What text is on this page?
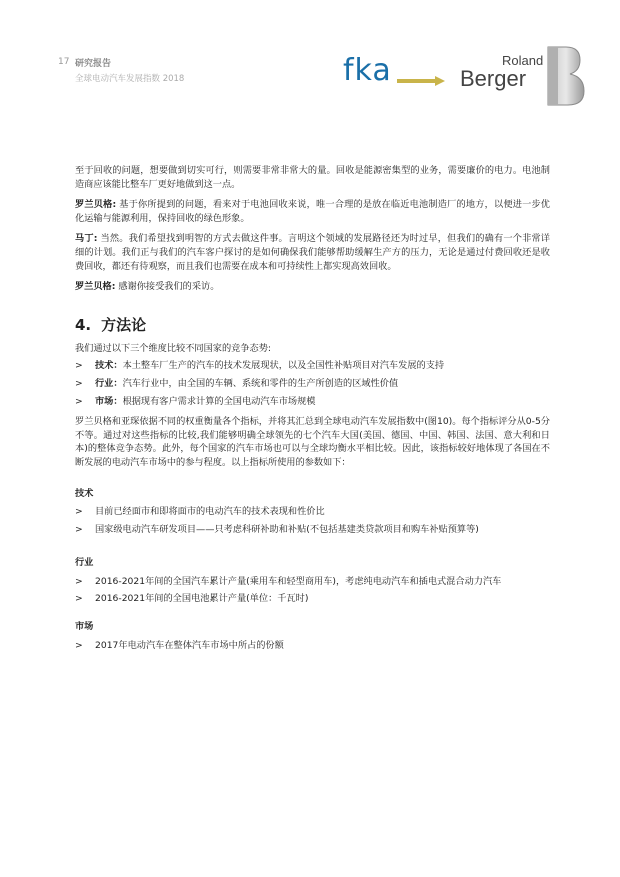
17 研究报告
全球电动汽车发展指数 2018	fka	Roland
Berger

至于回收的问题，想要做到切实可行，则需要非常非常大的量。回收是能源密集型的业务，需要廉价的电力。电池制造商应该能比整车厂更好地做到这一点。

罗兰贝格: 基于你所提到的问题，看来对于电池回收来说，唯一合理的是放在临近电池制造厂的地方，以便进一步优化运输与能源利用，保持回收的绿色形象。

马丁: 当然。我们希望找到明智的方式去做这件事。言明这个领域的发展路径还为时过早，但我们的确有一个非常详细的计划。我们正与我们的汽车客户探讨的是如何确保我们能够帮助缓解生产方的压力，无论是通过付费回收还是收费回收，都还有待观察，而且我们也需要在成本和可持续性上都实现高效回收。

罗兰贝格: 感谢你接受我们的采访。

4. 方法论

我们通过以下三个维度比较不同国家的竞争态势:

> 技术：本土整车厂生产的汽车的技术发展现状，以及全国性补贴项目对汽车发展的支持
> 行业：汽车行业中，由全国的车辆、系统和零件的生产所创造的区域性价值
> 市场：根据现有客户需求计算的全国电动汽车市场规模

罗兰贝格和亚琛依据不同的权重衡量各个指标，并将其汇总到全球电动汽车发展指数中(图10)。每个指标评分从0-5分不等。通过对这些指标的比较,我们能够明确全球领先的七个汽车大国(美国、德国、中国、韩国、法国、意大利和日本)的整体竞争态势。此外，每个国家的汽车市场也可以与全球均衡水平相比较。因此，该指标较好地体现了各国在不断发展的电动汽车市场中的参与程度。以上指标所使用的参数如下：

技术
> 目前已经面市和即将面市的电动汽车的技术表现和性价比
> 国家级电动汽车研发项目——只考虑科研补助和补贴(不包括基建类贷款项目和购车补贴预算等)
行业
> 2016-2021年间的全国汽车累计产量(乘用车和轻型商用车)，考虑纯电动汽车和插电式混合动力汽车
> 2016-2021年间的全国电池累计产量(单位：千瓦时)
市场
> 2017年电动汽车在整体汽车市场中所占的份额
